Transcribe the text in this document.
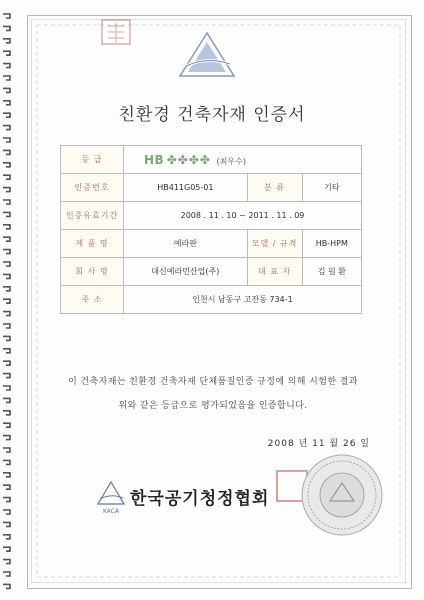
친환경 건축자재 인증서
등 급	HB ✤✤✤✤ (최우수)		
인증번호	HB411G05-01	분 류	기타
인증유효기간	2008 . 11 . 10 ~ 2011 . 11 . 09		
제 품 명	예라판	모델 / 규격	HB-HPM
회 사 명	대신예라민산업(주)	대 표 자	김 원 환
주 소	인천시 남동구 고잔동 734-1		
이 건축자재는 친환경 건축자재 단체품질인증 규정에 의해 시험한 결과
위와 같은 등급으로 평가되었음을 인증합니다.
2008 년 11 월 26 일
KACA
한국공기청정협회
